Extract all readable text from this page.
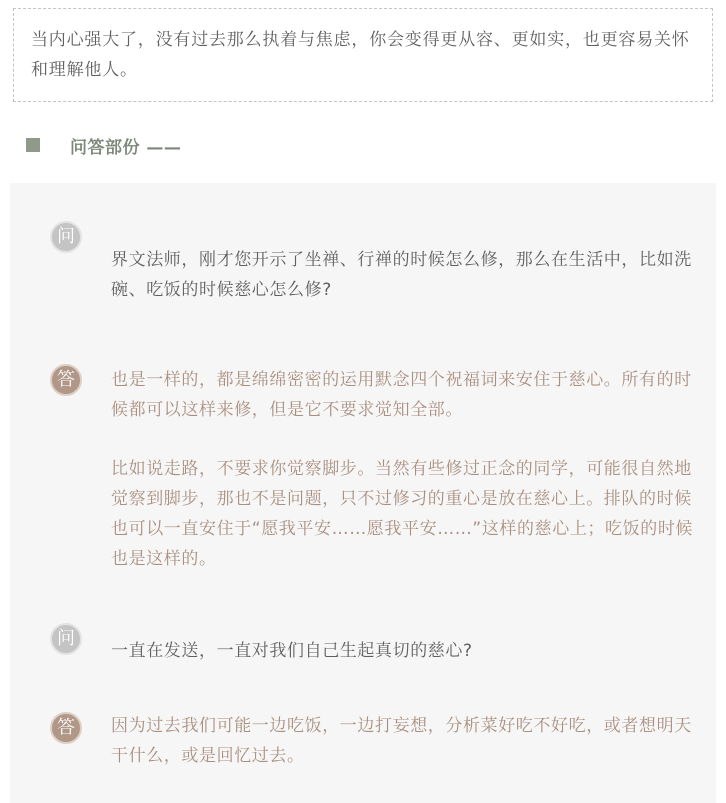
当内心强大了，没有过去那么执着与焦虑，你会变得更从容、更如实，也更容易关怀和理解他人。
问答部份 ——
问
界文法师，刚才您开示了坐禅、行禅的时候怎么修，那么在生活中，比如洗碗、吃饭的时候慈心怎么修?
答	也是一样的，都是绵绵密密的运用默念四个祝福词来安住于慈心。所有的时候都可以这样来修，但是它不要求觉知全部。
比如说走路，不要求你觉察脚步。当然有些修过正念的同学，可能很自然地觉察到脚步，那也不是问题，只不过修习的重心是放在慈心上。排队的时候也可以一直安住于“愿我平安……愿我平安……”这样的慈心上；吃饭的时候也是这样的。
问
一直在发送，一直对我们自己生起真切的慈心?
答	因为过去我们可能一边吃饭，一边打妄想，分析菜好吃不好吃，或者想明天干什么，或是回忆过去。
